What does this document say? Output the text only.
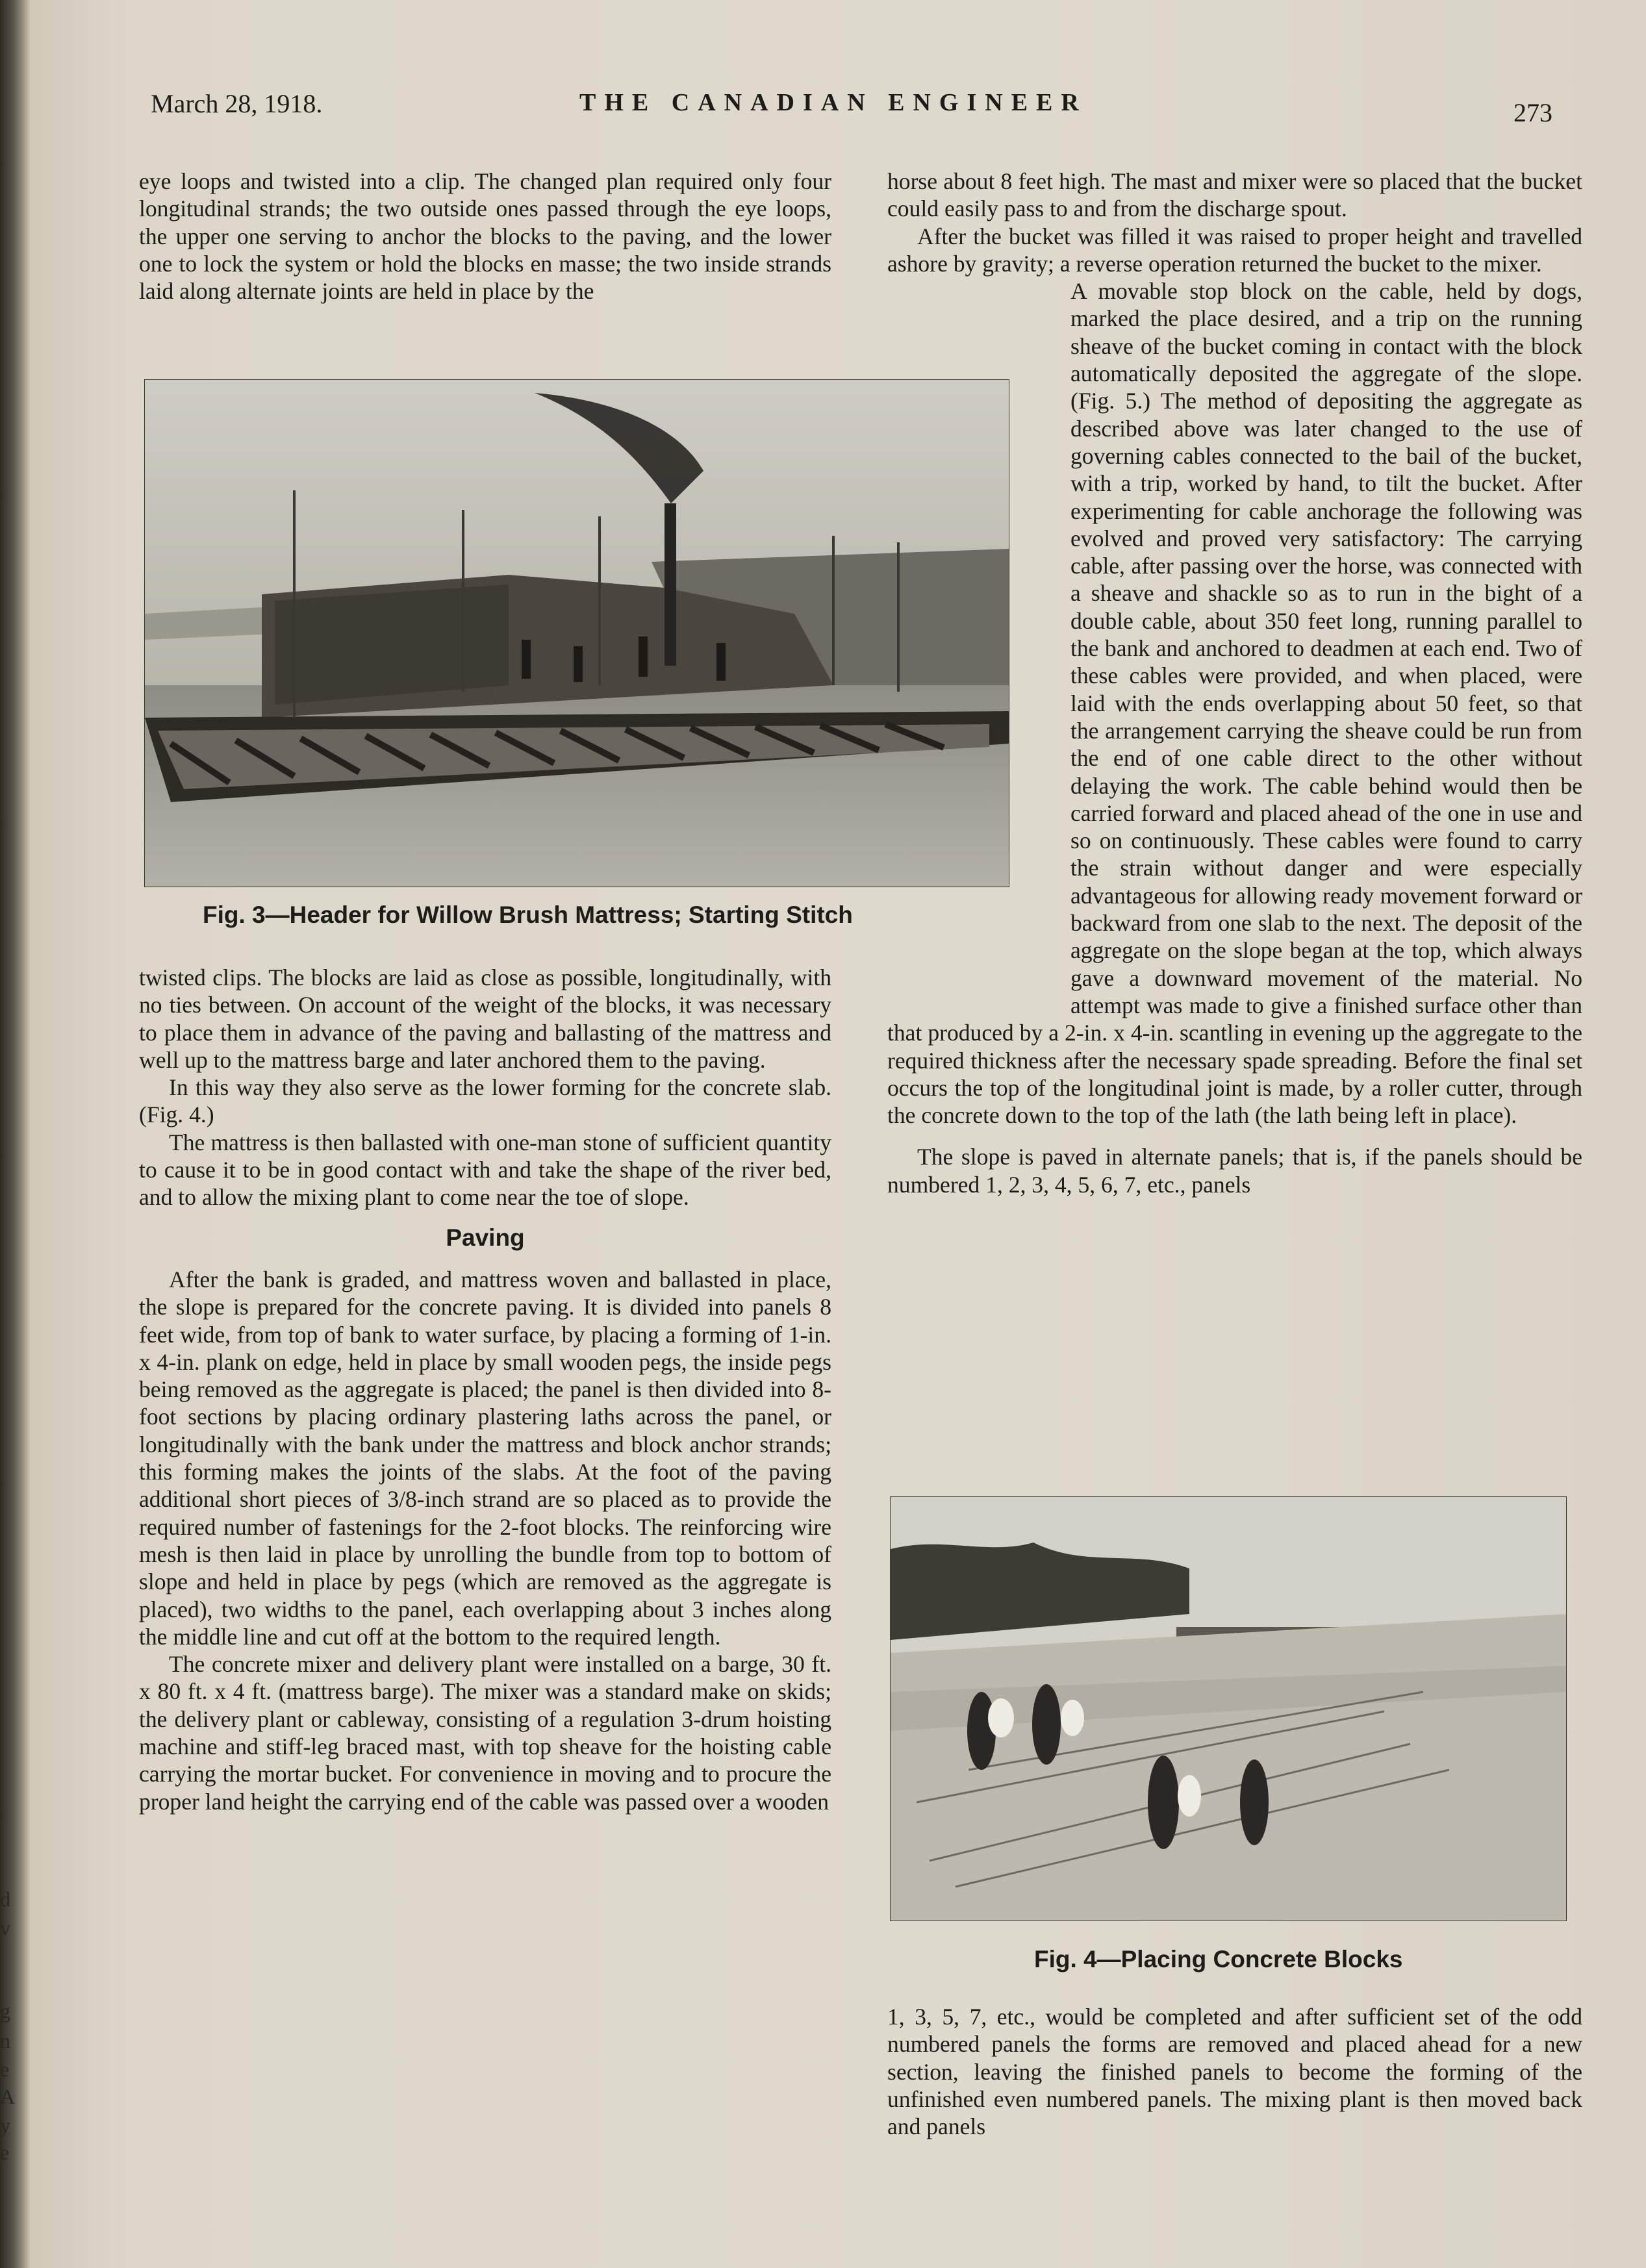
March 28, 1918.	THE CANADIAN ENGINEER	273

eye loops and twisted into a clip. The changed plan required only four longitudinal strands; the two outside ones passed through the eye loops, the upper one serving to anchor the blocks to the paving, and the lower one to lock the system or hold the blocks en masse; the two inside strands laid along alternate joints are held in place by the

Fig. 3—Header for Willow Brush Mattress; Starting Stitch

twisted clips. The blocks are laid as close as possible, longitudinally, with no ties between. On account of the weight of the blocks, it was necessary to place them in advance of the paving and ballasting of the mattress and well up to the mattress barge and later anchored them to the paving.

In this way they also serve as the lower forming for the concrete slab. (Fig. 4.)

The mattress is then ballasted with one-man stone of sufficient quantity to cause it to be in good contact with and take the shape of the river bed, and to allow the mixing plant to come near the toe of slope.

Paving

After the bank is graded, and mattress woven and ballasted in place, the slope is prepared for the concrete paving. It is divided into panels 8 feet wide, from top of bank to water surface, by placing a forming of 1-in. x 4-in. plank on edge, held in place by small wooden pegs, the inside pegs being removed as the aggregate is placed; the panel is then divided into 8-foot sections by placing ordinary plastering laths across the panel, or longitudinally with the bank under the mattress and block anchor strands; this forming makes the joints of the slabs. At the foot of the paving additional short pieces of 3/8-inch strand are so placed as to provide the required number of fastenings for the 2-foot blocks. The reinforcing wire mesh is then laid in place by unrolling the bundle from top to bottom of slope and held in place by pegs (which are removed as the aggregate is placed), two widths to the panel, each overlapping about 3 inches along the middle line and cut off at the bottom to the required length.

The concrete mixer and delivery plant were installed on a barge, 30 ft. x 80 ft. x 4 ft. (mattress barge). The mixer was a standard make on skids; the delivery plant or cableway, consisting of a regulation 3-drum hoisting machine and stiff-leg braced mast, with top sheave for the hoisting cable carrying the mortar bucket. For convenience in moving and to procure the proper land height the carrying end of the cable was passed over a wooden

horse about 8 feet high. The mast and mixer were so placed that the bucket could easily pass to and from the discharge spout.

After the bucket was filled it was raised to proper height and travelled ashore by gravity; a reverse operation returned the bucket to the mixer.

A movable stop block on the cable, held by dogs, marked the place desired, and a trip on the running sheave of the bucket coming in contact with the block automatically deposited the aggregate of the slope. (Fig. 5.) The method of depositing the aggregate as described above was later changed to the use of governing cables connected to the bail of the bucket, with a trip, worked by hand, to tilt the bucket. After experimenting for cable anchorage the following was evolved and proved very satisfactory: The carrying cable, after passing over the horse, was connected with a sheave and shackle so as to run in the bight of a double cable, about 350 feet long, running parallel to the bank and anchored to deadmen at each end. Two of these cables were provided, and when placed, were laid with the ends overlapping about 50 feet, so that the arrangement carrying the sheave could be run from the end of one cable direct to the other without delaying the work. The cable behind would then be carried forward and placed ahead of the one in use and so on continuously. These cables were found to carry the strain without danger and were especially advantageous for allowing ready movement forward or backward from one slab to the next. The deposit of the aggregate on the slope began at the top, which always gave a downward movement of the material. No attempt was made to give a finished surface other than that produced by a 2-in. x 4-in. scantling in evening up the aggregate to the required thickness after the necessary spade spreading. Before the final set occurs the top of the longitudinal joint is made, by a roller cutter, through the concrete down to the top of the lath (the lath being left in place).

The slope is paved in alternate panels; that is, if the panels should be numbered 1, 2, 3, 4, 5, 6, 7, etc., panels

Fig. 4—Placing Concrete Blocks

1, 3, 5, 7, etc., would be completed and after sufficient set of the odd numbered panels the forms are removed and placed ahead for a new section, leaving the finished panels to become the forming of the unfinished even numbered panels. The mixing plant is then moved back and panels

d
v
g
n
e
A
y
e
